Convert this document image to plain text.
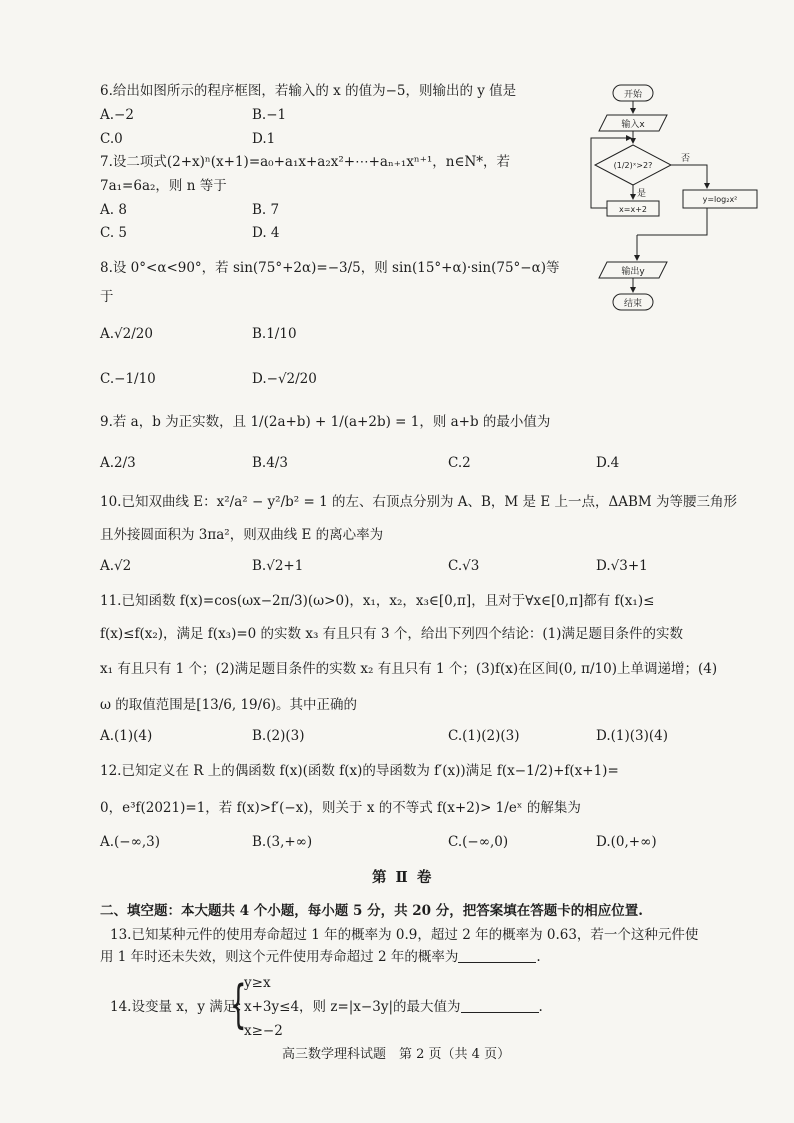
6.给出如图所示的程序框图，若输入的 x 的值为−5，则输出的 y 值是
A.−2	B.−1
C.0	D.1
7.设二项式(2+x)ⁿ(x+1)=a₀+a₁x+a₂x²+⋯+aₙ₊₁xⁿ⁺¹，n∈N*，若
7a₁=6a₂，则 n 等于
A. 8	B. 7
C. 5	D. 4
8.设 0°<α<90°，若 sin(75°+2α)=−3/5，则 sin(15°+α)·sin(75°−α)等
于
A.√2/20	B.1/10
C.−1/10	D.−√2/20
9.若 a，b 为正实数，且 1/(2a+b) + 1/(a+2b) = 1，则 a+b 的最小值为
A.2/3	B.4/3	C.2	D.4
10.已知双曲线 E：x²/a² − y²/b² = 1 的左、右顶点分别为 A、B，M 是 E 上一点，ΔABM 为等腰三角形
且外接圆面积为 3πa²，则双曲线 E 的离心率为
A.√2	B.√2+1	C.√3	D.√3+1
11.已知函数 f(x)=cos(ωx−2π/3)(ω>0)，x₁，x₂，x₃∈[0,π]，且对于∀x∈[0,π]都有 f(x₁)≤
f(x)≤f(x₂)，满足 f(x₃)=0 的实数 x₃ 有且只有 3 个，给出下列四个结论：(1)满足题目条件的实数
x₁ 有且只有 1 个；(2)满足题目条件的实数 x₂ 有且只有 1 个；(3)f(x)在区间(0, π/10)上单调递增；(4)
ω 的取值范围是[13/6, 19/6)。其中正确的
A.(1)(4)	B.(2)(3)	C.(1)(2)(3)	D.(1)(3)(4)
12.已知定义在 R 上的偶函数 f(x)(函数 f(x)的导函数为 f′(x))满足 f(x−1/2)+f(x+1)=
0，e³f(2021)=1，若 f(x)>f′(−x)，则关于 x 的不等式 f(x+2)> 1/eˣ 的解集为
A.(−∞,3)	B.(3,+∞)	C.(−∞,0)	D.(0,+∞)
第 Ⅱ 卷
二、填空题：本大题共 4 个小题，每小题 5 分，共 20 分，把答案填在答题卡的相应位置.
13.已知某种元件的使用寿命超过 1 年的概率为 0.9，超过 2 年的概率为 0.63，若一个这种元件使
用 1 年时还未失效，则这个元件使用寿命超过 2 年的概率为	.
14.设变量 x，y 满足：
{
y≥x
x+3y≤4，则 z=|x−3y|的最大值为	.
x≥−2
高三数学理科试题　第 2 页（共 4 页）
开始
输入x
(1/2)ˣ>2?
否
是
x=x+2
y=log₂x²
输出y
结束
